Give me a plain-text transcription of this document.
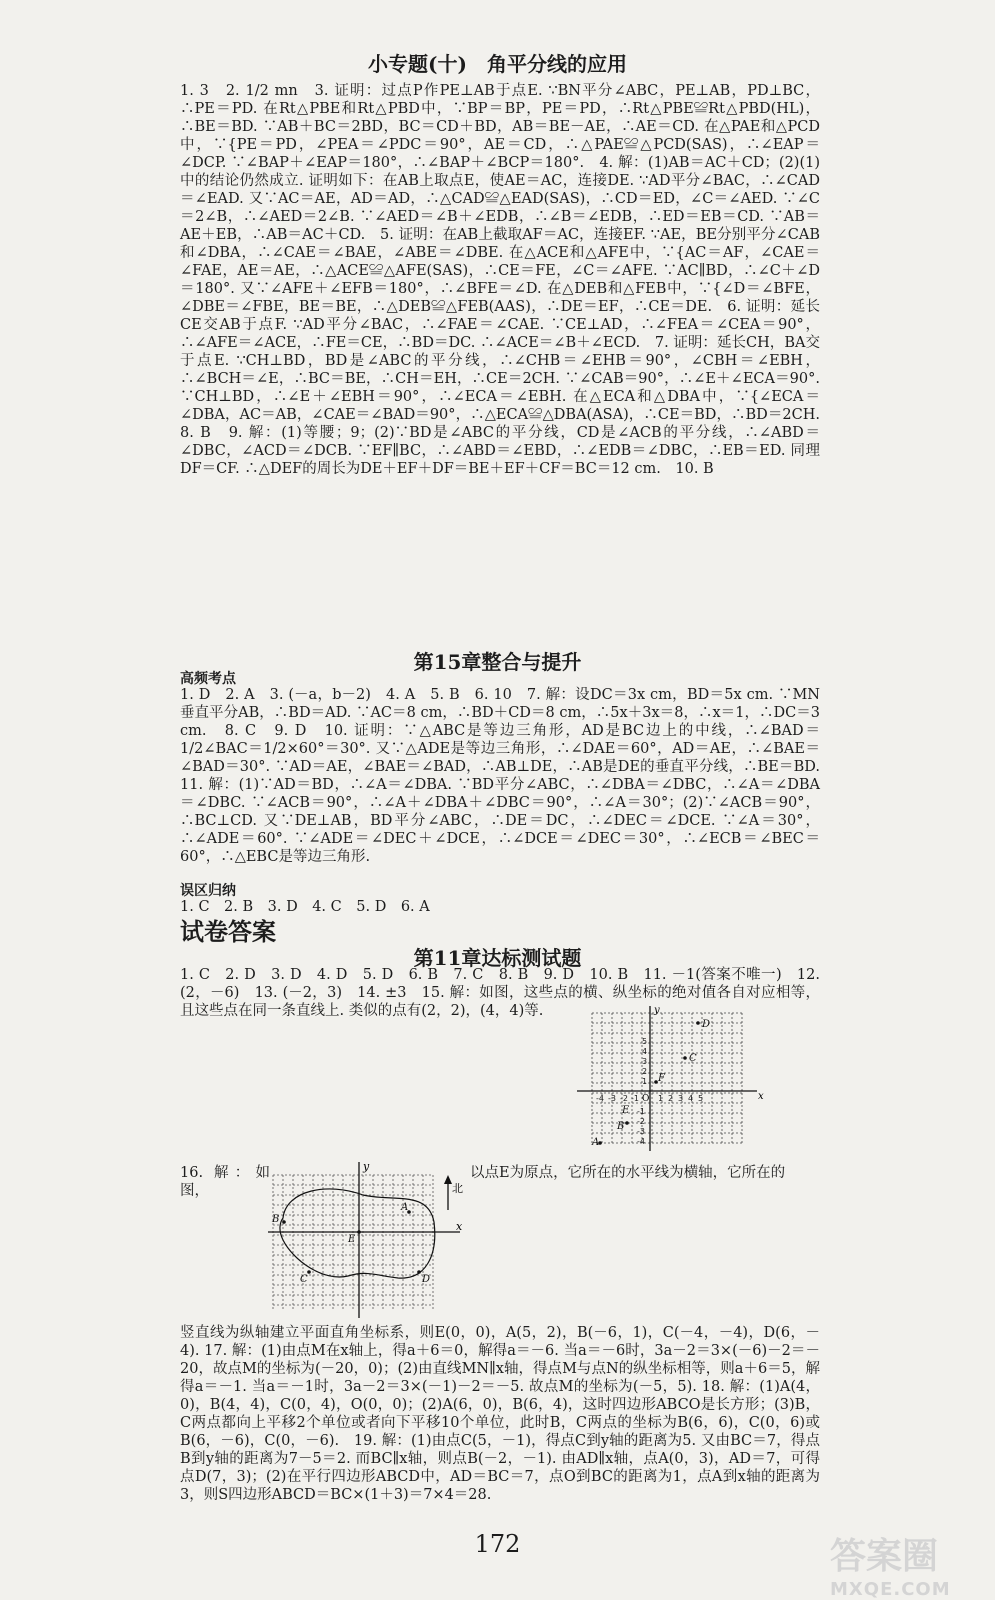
小专题(十)　角平分线的应用

1. 3　2. 1/2 mn　3. 证明：过点P作PE⊥AB于点E. ∵BN平分∠ABC，PE⊥AB，PD⊥BC，∴PE＝PD. 在Rt△PBE和Rt△PBD中，∵BP＝BP，PE＝PD，∴Rt△PBE≌Rt△PBD(HL)，∴BE＝BD. ∵AB＋BC＝2BD，BC＝CD＋BD，AB＝BE－AE，∴AE＝CD. 在△PAE和△PCD中，∵{PE＝PD，∠PEA＝∠PDC＝90°，AE＝CD，∴△PAE≌△PCD(SAS)，∴∠EAP＝∠DCP. ∵∠BAP＋∠EAP＝180°，∴∠BAP＋∠BCP＝180°.　4. 解：(1)AB＝AC＋CD；(2)(1)中的结论仍然成立. 证明如下：在AB上取点E，使AE＝AC，连接DE. ∵AD平分∠BAC，∴∠CAD＝∠EAD. 又∵AC＝AE，AD＝AD，∴△CAD≌△EAD(SAS)，∴CD＝ED，∠C＝∠AED. ∵∠C＝2∠B，∴∠AED＝2∠B. ∵∠AED＝∠B＋∠EDB，∴∠B＝∠EDB，∴ED＝EB＝CD. ∵AB＝AE＋EB，∴AB＝AC＋CD.　5. 证明：在AB上截取AF＝AC，连接EF. ∵AE，BE分别平分∠CAB和∠DBA，∴∠CAE＝∠BAE，∠ABE＝∠DBE. 在△ACE和△AFE中，∵{AC＝AF，∠CAE＝∠FAE，AE＝AE，∴△ACE≌△AFE(SAS)，∴CE＝FE，∠C＝∠AFE. ∵AC∥BD，∴∠C＋∠D＝180°. 又∵∠AFE＋∠EFB＝180°，∴∠BFE＝∠D. 在△DEB和△FEB中，∵{∠D＝∠BFE，∠DBE＝∠FBE，BE＝BE，∴△DEB≌△FEB(AAS)，∴DE＝EF，∴CE＝DE.　6. 证明：延长CE交AB于点F. ∵AD平分∠BAC，∴∠FAE＝∠CAE. ∵CE⊥AD，∴∠FEA＝∠CEA＝90°，∴∠AFE＝∠ACE，∴FE＝CE，∴BD＝DC. ∴∠ACE＝∠B＋∠ECD.　7. 证明：延长CH，BA交于点E. ∵CH⊥BD，BD是∠ABC的平分线，∴∠CHB＝∠EHB＝90°，∠CBH＝∠EBH，∴∠BCH＝∠E，∴BC＝BE，∴CH＝EH，∴CE＝2CH. ∵∠CAB＝90°，∴∠E＋∠ECA＝90°. ∵CH⊥BD，∴∠E＋∠EBH＝90°，∴∠ECA＝∠EBH. 在△ECA和△DBA中，∵{∠ECA＝∠DBA，AC＝AB，∠CAE＝∠BAD＝90°，∴△ECA≌△DBA(ASA)，∴CE＝BD，∴BD＝2CH.　8. B　9. 解：(1)等腰；9；(2)∵BD是∠ABC的平分线，CD是∠ACB的平分线，∴∠ABD＝∠DBC，∠ACD＝∠DCB. ∵EF∥BC，∴∠ABD＝∠EBD，∴∠EDB＝∠DBC，∴EB＝ED. 同理DF＝CF. ∴△DEF的周长为DE＋EF＋DF＝BE＋EF＋CF＝BC＝12 cm.　10. B

第15章整合与提升
高频考点

1. D　2. A　3. (－a，b－2)　4. A　5. B　6. 10　7. 解：设DC＝3x cm，BD＝5x cm. ∵MN垂直平分AB，∴BD＝AD. ∵AC＝8 cm，∴BD＋CD＝8 cm，∴5x＋3x＝8，∴x＝1，∴DC＝3 cm.　8. C　9. D　10. 证明：∵△ABC是等边三角形，AD是BC边上的中线，∴∠BAD＝1/2∠BAC＝1/2×60°＝30°. 又∵△ADE是等边三角形，∴∠DAE＝60°，AD＝AE，∴∠BAE＝∠BAD＝30°. ∵AD＝AE，∠BAE＝∠BAD，∴AB⊥DE，∴AB是DE的垂直平分线，∴BE＝BD.　11. 解：(1)∵AD＝BD，∴∠A＝∠DBA. ∵BD平分∠ABC，∴∠DBA＝∠DBC，∴∠A＝∠DBA＝∠DBC. ∵∠ACB＝90°，∴∠A＋∠DBA＋∠DBC＝90°，∴∠A＝30°；(2)∵∠ACB＝90°，∴BC⊥CD. 又∵DE⊥AB，BD平分∠ABC，∴DE＝DC，∴∠DEC＝∠DCE. ∵∠A＝30°，∴∠ADE＝60°. ∵∠ADE＝∠DEC＋∠DCE，∴∠DCE＝∠DEC＝30°，∴∠ECB＝∠BEC＝60°，∴△EBC是等边三角形.

误区归纳

1. C　2. B　3. D　4. C　5. D　6. A

试卷答案
第11章达标测试题

1. C　2. D　3. D　4. D　5. D　6. B　7. C　8. B　9. D　10. B　11. －1(答案不唯一)　12. (2，－6)　13. (－2，3)　14. ±3　15. 解：如图，这些点的横、纵坐标的绝对值各自对应相等，且这些点在同一条直线上. 类似的点有(2，2)，(4，4)等.	y
x
O
-4 -3 -2 -1 1 2 3 4 5
5
4
3
2
1
-1
-2
-3
-4
D
C
F
E
B
A

16. 解：如图，

以点E为原点，它所在的水平线为横轴，它所在的

y
x
北
A
B
C	D
E

竖直线为纵轴建立平面直角坐标系，则E(0，0)，A(5，2)，B(－6，1)，C(－4，－4)，D(6，－4). 17. 解：(1)由点M在x轴上，得a＋6＝0，解得a＝－6. 当a＝－6时，3a－2＝3×(－6)－2＝－20，故点M的坐标为(－20，0)；(2)由直线MN∥x轴，得点M与点N的纵坐标相等，则a＋6＝5，解得a＝－1. 当a＝－1时，3a－2＝3×(－1)－2＝－5. 故点M的坐标为(－5，5). 18. 解：(1)A(4，0)，B(4，4)，C(0，4)，O(0，0)；(2)A(6，0)，B(6，4)，这时四边形ABCO是长方形；(3)B，C两点都向上平移2个单位或者向下平移10个单位，此时B，C两点的坐标为B(6，6)，C(0，6)或B(6，－6)，C(0，－6).　19. 解：(1)由点C(5，－1)，得点C到y轴的距离为5. 又由BC＝7，得点B到y轴的距离为7－5＝2. 而BC∥x轴，则点B(－2，－1). 由AD∥x轴，点A(0，3)，AD＝7，可得点D(7，3)；(2)在平行四边形ABCD中，AD＝BC＝7，点O到BC的距离为1，点A到x轴的距离为3，则S四边形ABCD＝BC×(1＋3)＝7×4＝28.

172	答案圈
MXQE.COM
